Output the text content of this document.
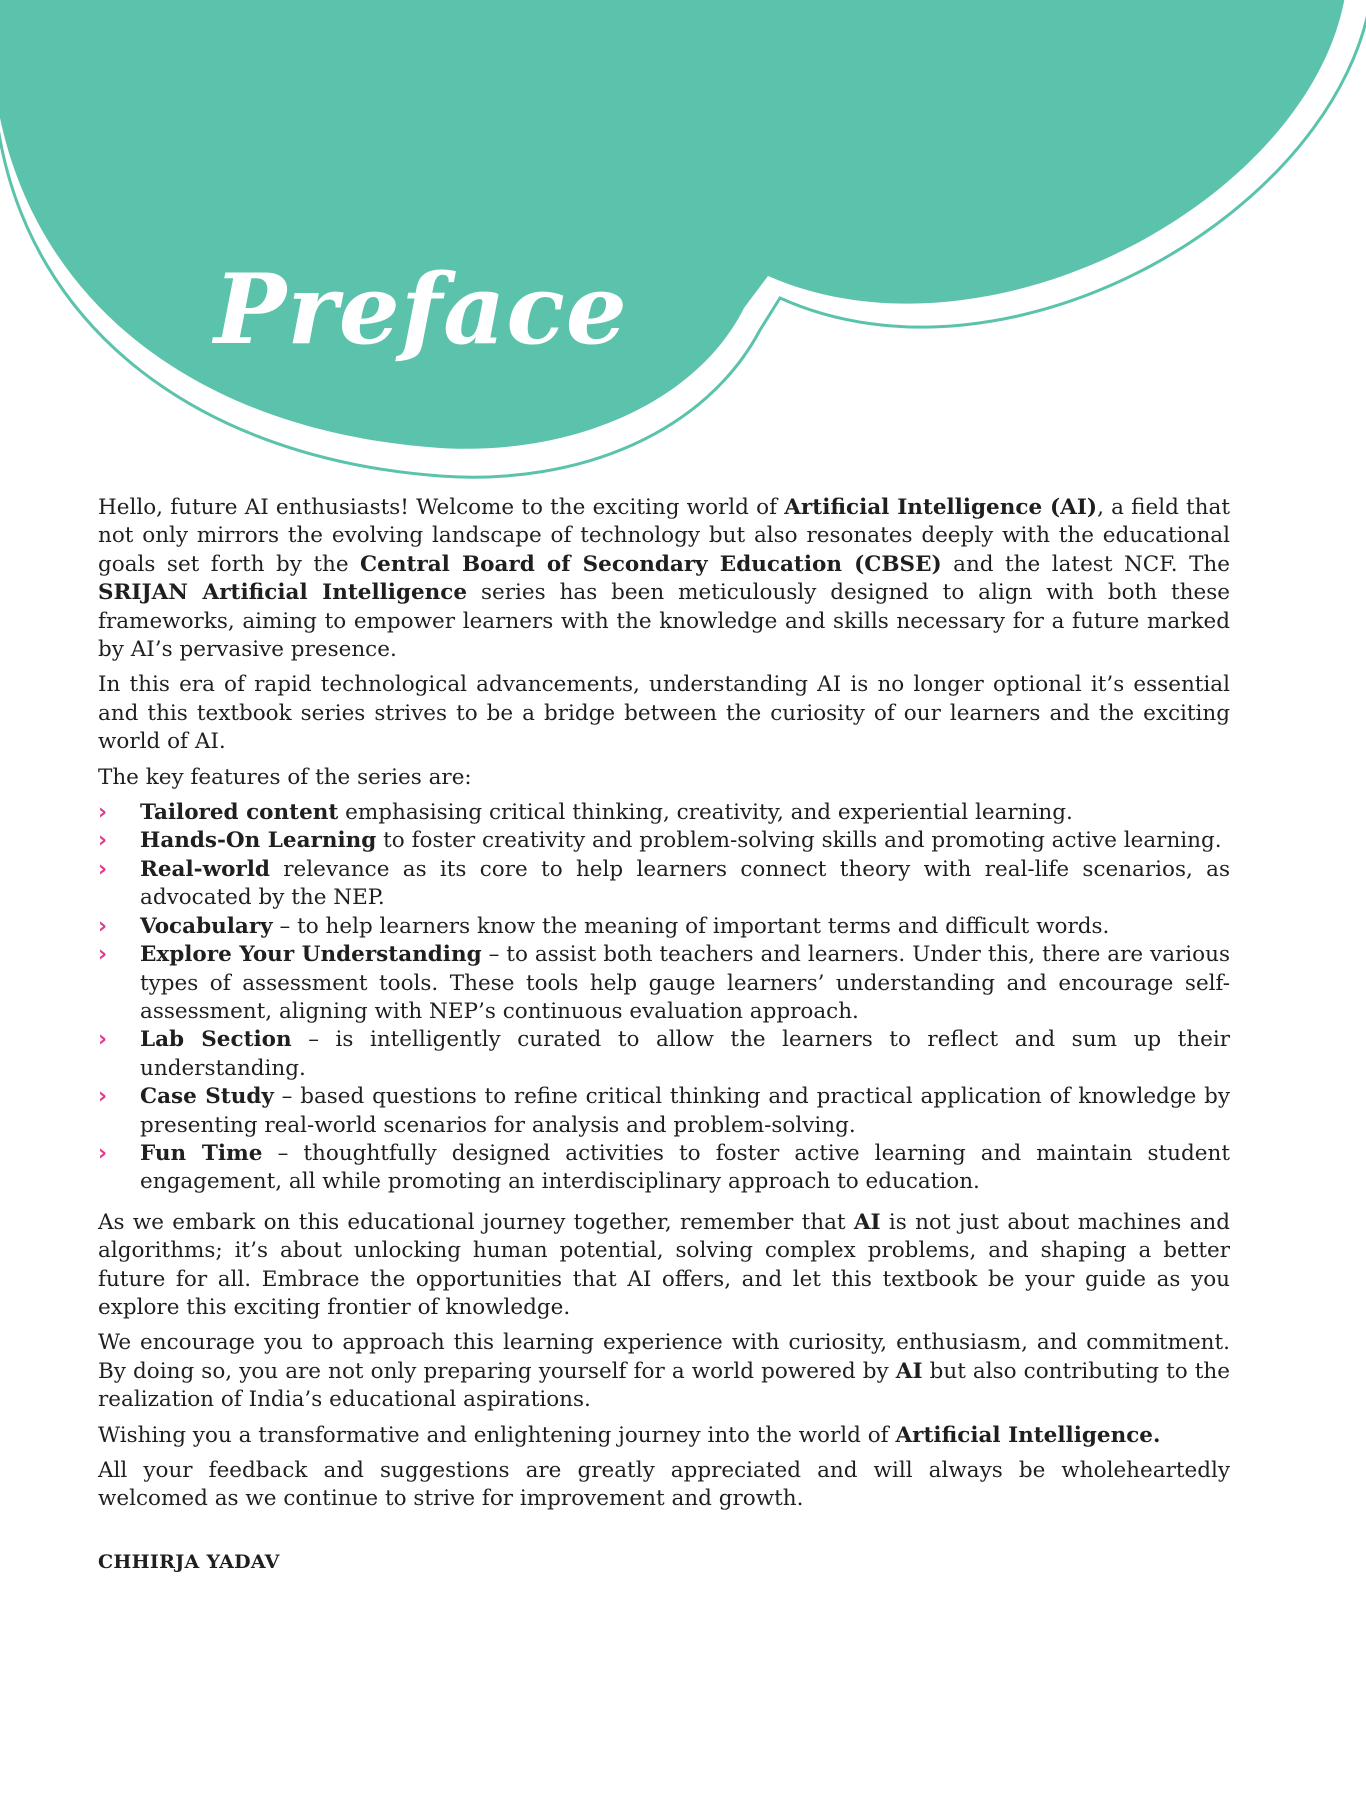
Preface

Hello, future AI enthusiasts! Welcome to the exciting world of Artificial Intelligence (AI), a field that not only mirrors the evolving landscape of technology but also resonates deeply with the educational goals set forth by the Central Board of Secondary Education (CBSE) and the latest NCF. The SRIJAN Artificial Intelligence series has been meticulously designed to align with both these frameworks, aiming to empower learners with the knowledge and skills necessary for a future marked by AI’s pervasive presence.

In this era of rapid technological advancements, understanding AI is no longer optional it’s essential and this textbook series strives to be a bridge between the curiosity of our learners and the exciting world of AI.

The key features of the series are:

› Tailored content emphasising critical thinking, creativity, and experiential learning.
› Hands-On Learning to foster creativity and problem-solving skills and promoting active learning.
› Real-world relevance as its core to help learners connect theory with real-life scenarios, as advocated by the NEP.
› Vocabulary – to help learners know the meaning of important terms and difficult words.
› Explore Your Understanding – to assist both teachers and learners. Under this, there are various types of assessment tools. These tools help gauge learners’ understanding and encourage self-assessment, aligning with NEP’s continuous evaluation approach.
› Lab Section – is intelligently curated to allow the learners to reflect and sum up their understanding.
› Case Study – based questions to refine critical thinking and practical application of knowledge by presenting real-world scenarios for analysis and problem-solving.
› Fun Time – thoughtfully designed activities to foster active learning and maintain student engagement, all while promoting an interdisciplinary approach to education.

As we embark on this educational journey together, remember that AI is not just about machines and algorithms; it’s about unlocking human potential, solving complex problems, and shaping a better future for all. Embrace the opportunities that AI offers, and let this textbook be your guide as you explore this exciting frontier of knowledge.

We encourage you to approach this learning experience with curiosity, enthusiasm, and commitment. By doing so, you are not only preparing yourself for a world powered by AI but also contributing to the realization of India’s educational aspirations.

Wishing you a transformative and enlightening journey into the world of Artificial Intelligence.

All your feedback and suggestions are greatly appreciated and will always be wholeheartedly welcomed as we continue to strive for improvement and growth.

CHHIRJA YADAV
